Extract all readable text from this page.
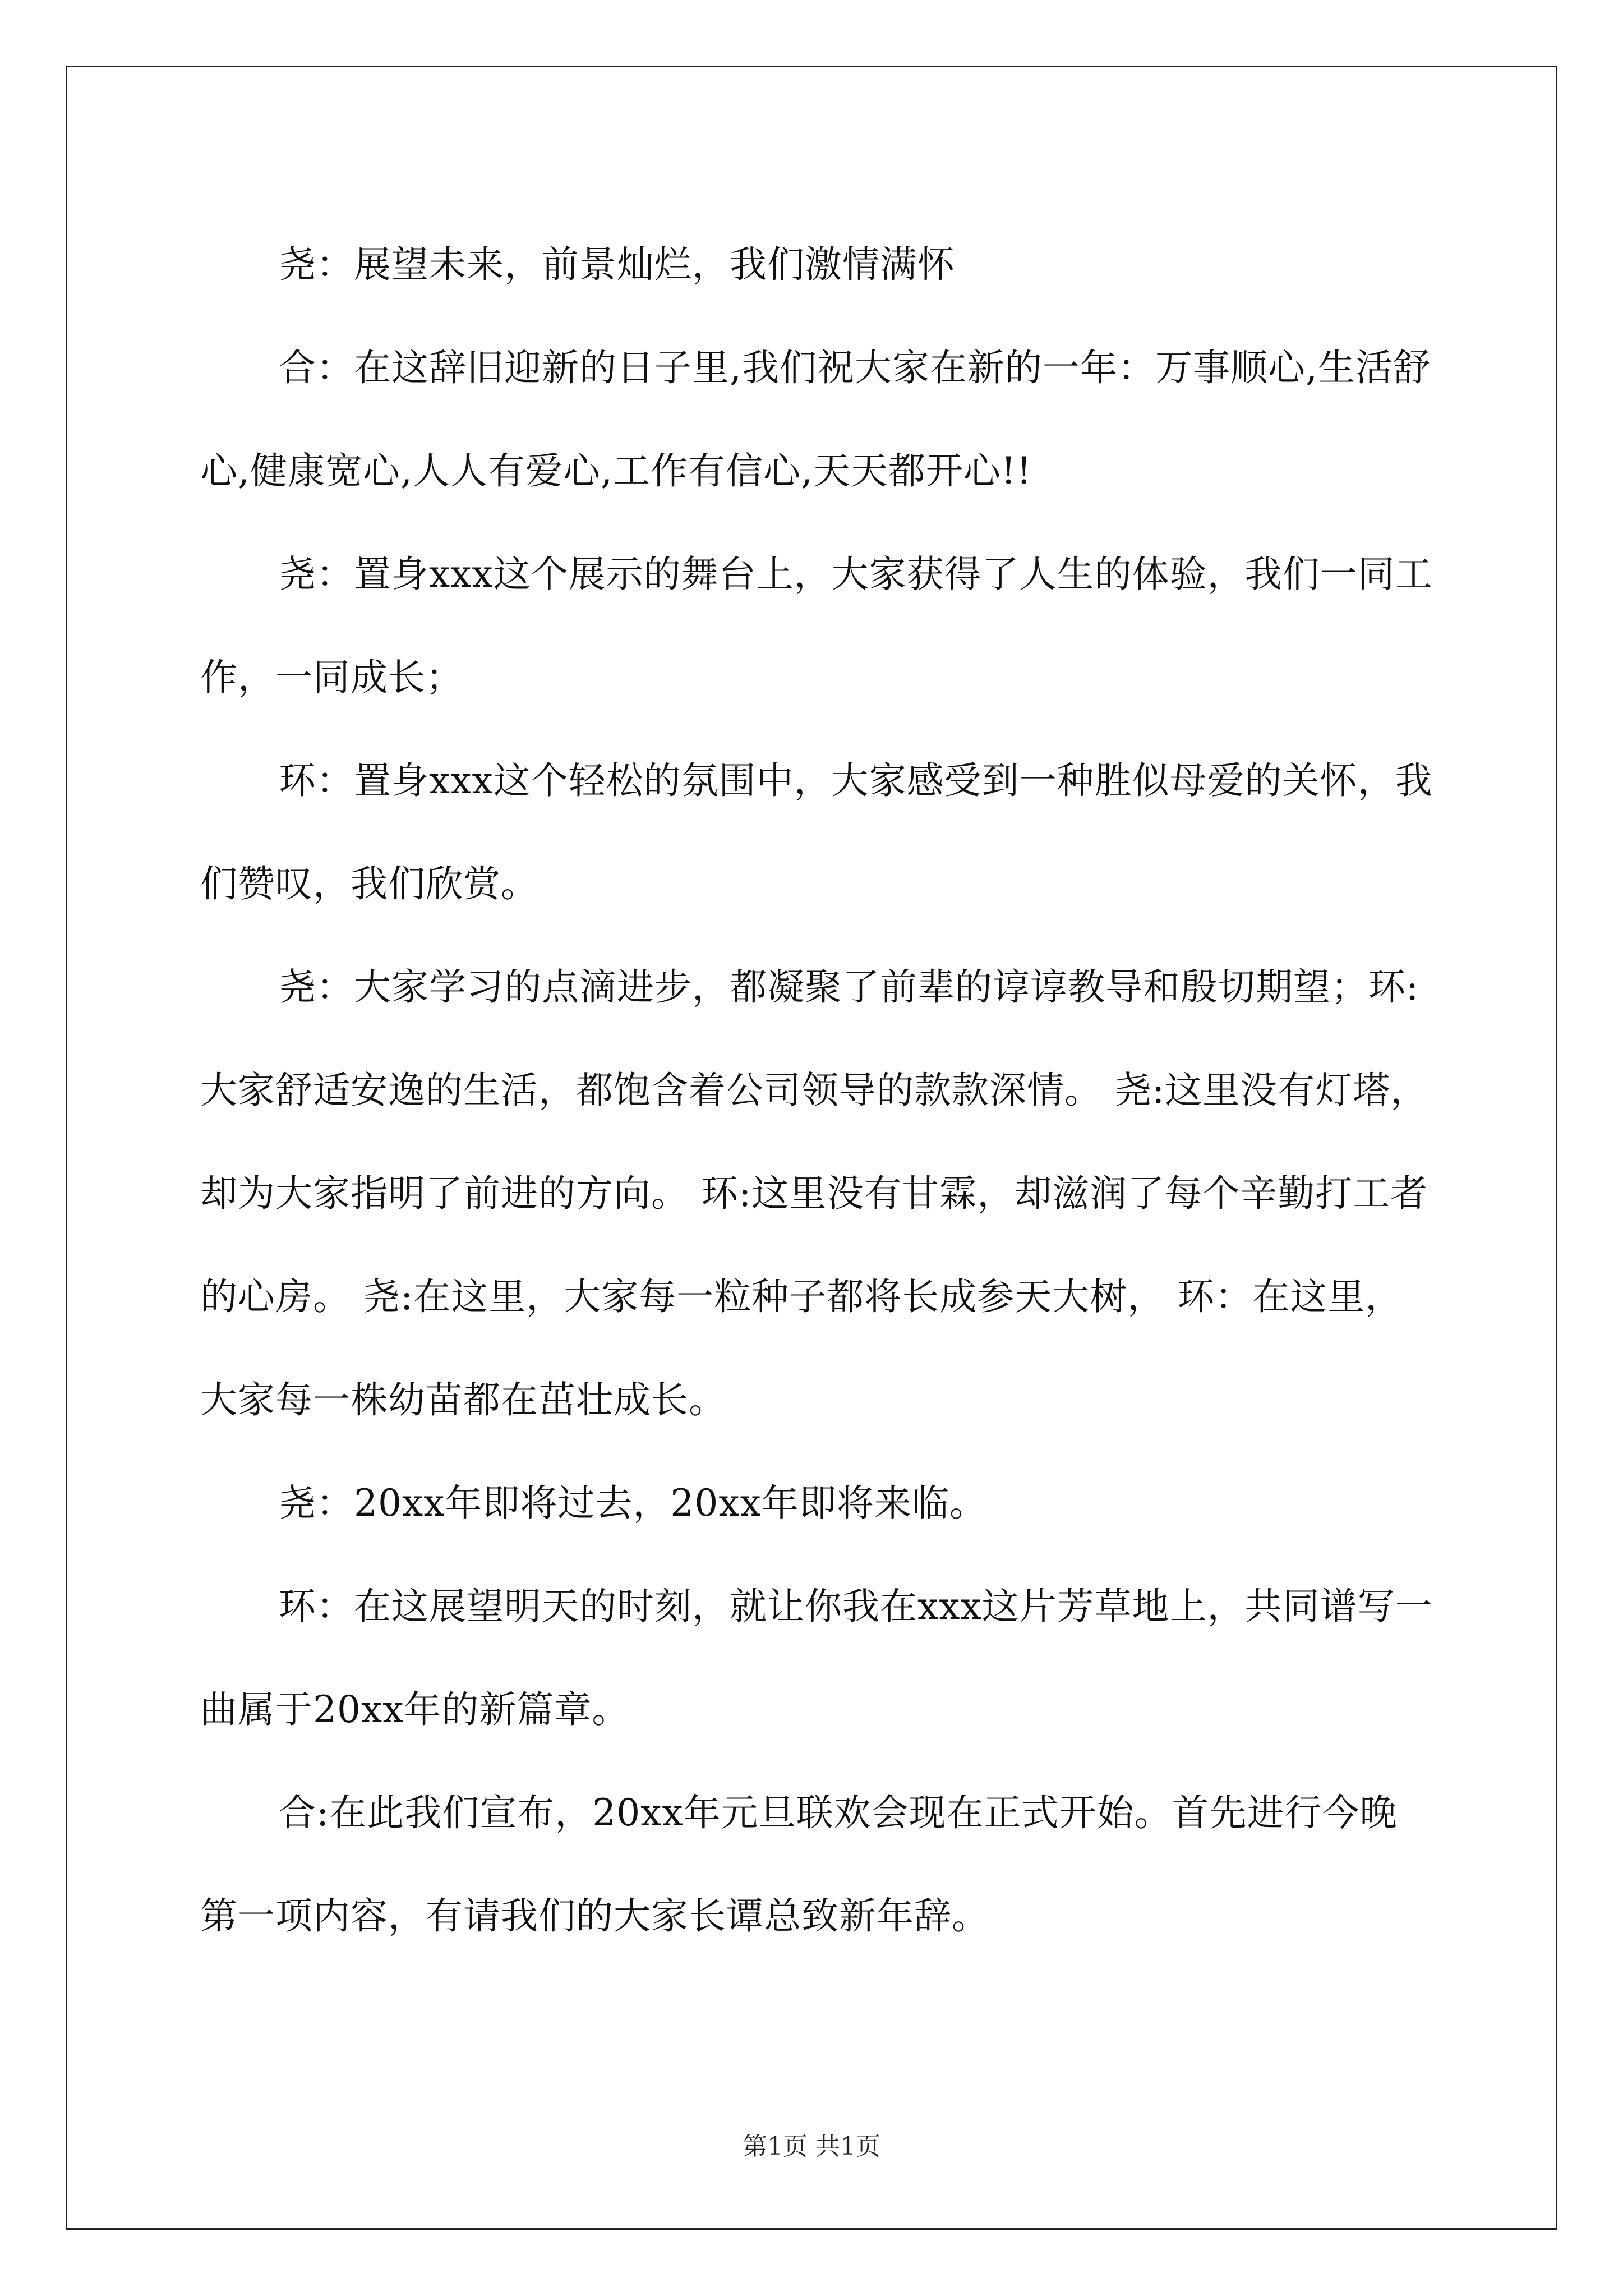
尧：展望未来，前景灿烂，我们激情满怀

合：在这辞旧迎新的日子里,我们祝大家在新的一年：万事顺心,生活舒心,健康宽心,人人有爱心,工作有信心,天天都开心!!

尧：置身xxx这个展示的舞台上，大家获得了人生的体验，我们一同工作，一同成长；

环：置身xxx这个轻松的氛围中，大家感受到一种胜似母爱的关怀，我们赞叹，我们欣赏。

尧：大家学习的点滴进步，都凝聚了前辈的谆谆教导和殷切期望；环:大家舒适安逸的生活，都饱含着公司领导的款款深情。 尧:这里没有灯塔，却为大家指明了前进的方向。 环:这里没有甘霖，却滋润了每个辛勤打工者的心房。 尧:在这里，大家每一粒种子都将长成参天大树， 环：在这里，大家每一株幼苗都在茁壮成长。

尧：20xx年即将过去，20xx年即将来临。

环：在这展望明天的时刻，就让你我在xxx这片芳草地上，共同谱写一曲属于20xx年的新篇章。

合:在此我们宣布，20xx年元旦联欢会现在正式开始。首先进行今晚第一项内容，有请我们的大家长谭总致新年辞。

第1页 共1页
